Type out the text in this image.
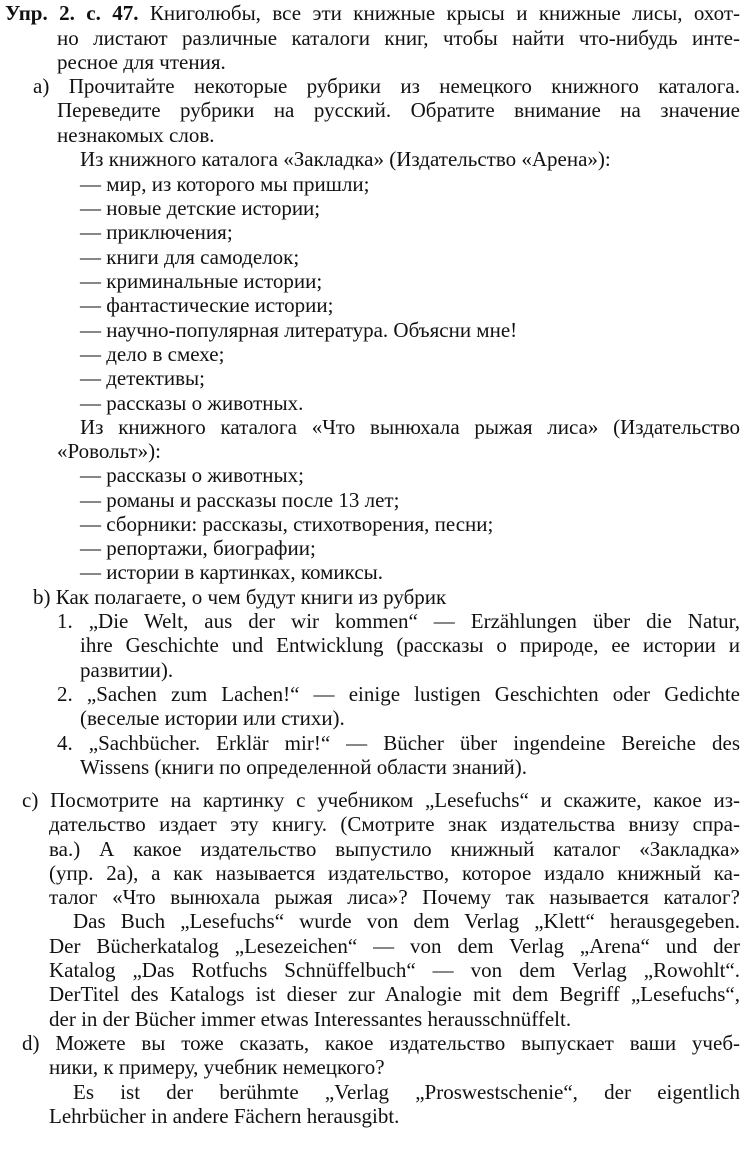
Упр. 2. с. 47. Книголюбы, все эти книжные крысы и книжные лисы, охот-
но листают различные каталоги книг, чтобы найти что-нибудь инте-
ресное для чтения.
а) Прочитайте некоторые рубрики из немецкого книжного каталога.
Переведите рубрики на русский. Обратите внимание на значение
незнакомых слов.
Из книжного каталога «Закладка» (Издательство «Арена»):
— мир, из которого мы пришли;
— новые детские истории;
— приключения;
— книги для самоделок;
— криминальные истории;
— фантастические истории;
— научно-популярная литература. Объясни мне!
— дело в смехе;
— детективы;
— рассказы о животных.
Из книжного каталога «Что вынюхала рыжая лиса» (Издательство
«Ровольт»):
— рассказы о животных;
— романы и рассказы после 13 лет;
— сборники: рассказы, стихотворения, песни;
— репортажи, биографии;
— истории в картинках, комиксы.
b) Как полагаете, о чем будут книги из рубрик
1. „Die Welt, aus der wir kommen“ — Erzählungen über die Natur,
ihre Geschichte und Entwicklung (рассказы о природе, ее истории и
развитии).
2. „Sachen zum Lachen!“ — einige lustigen Geschichten oder Gedichte
(веселые истории или стихи).
4. „Sachbücher. Erklär mir!“ — Bücher über ingendeine Bereiche des
Wissens (книги по определенной области знаний).
c) Посмотрите на картинку с учебником „Lesefuchs“ и скажите, какое из-
дательство издает эту книгу. (Смотрите знак издательства внизу спра-
ва.) А какое издательство выпустило книжный каталог «Закладка»
(упр. 2а), а как называется издательство, которое издало книжный ка-
талог «Что вынюхала рыжая лиса»? Почему так называется каталог?
Das Buch „Lesefuchs“ wurde von dem Verlag „Klett“ herausgegeben.
Der Bücherkatalog „Lesezeichen“ — von dem Verlag „Arena“ und der
Katalog „Das Rotfuchs Schnüffelbuch“ — von dem Verlag „Rowohlt“.
DerTitel des Katalogs ist dieser zur Analogie mit dem Begriff „Lesefuchs“,
der in der Bücher immer etwas Interessantes herausschnüffelt.
d) Можете вы тоже сказать, какое издательство выпускает ваши учеб-
ники, к примеру, учебник немецкого?
Es ist der berühmte „Verlag „Proswestschenie“, der eigentlich
Lehrbücher in andere Fächern herausgibt.
